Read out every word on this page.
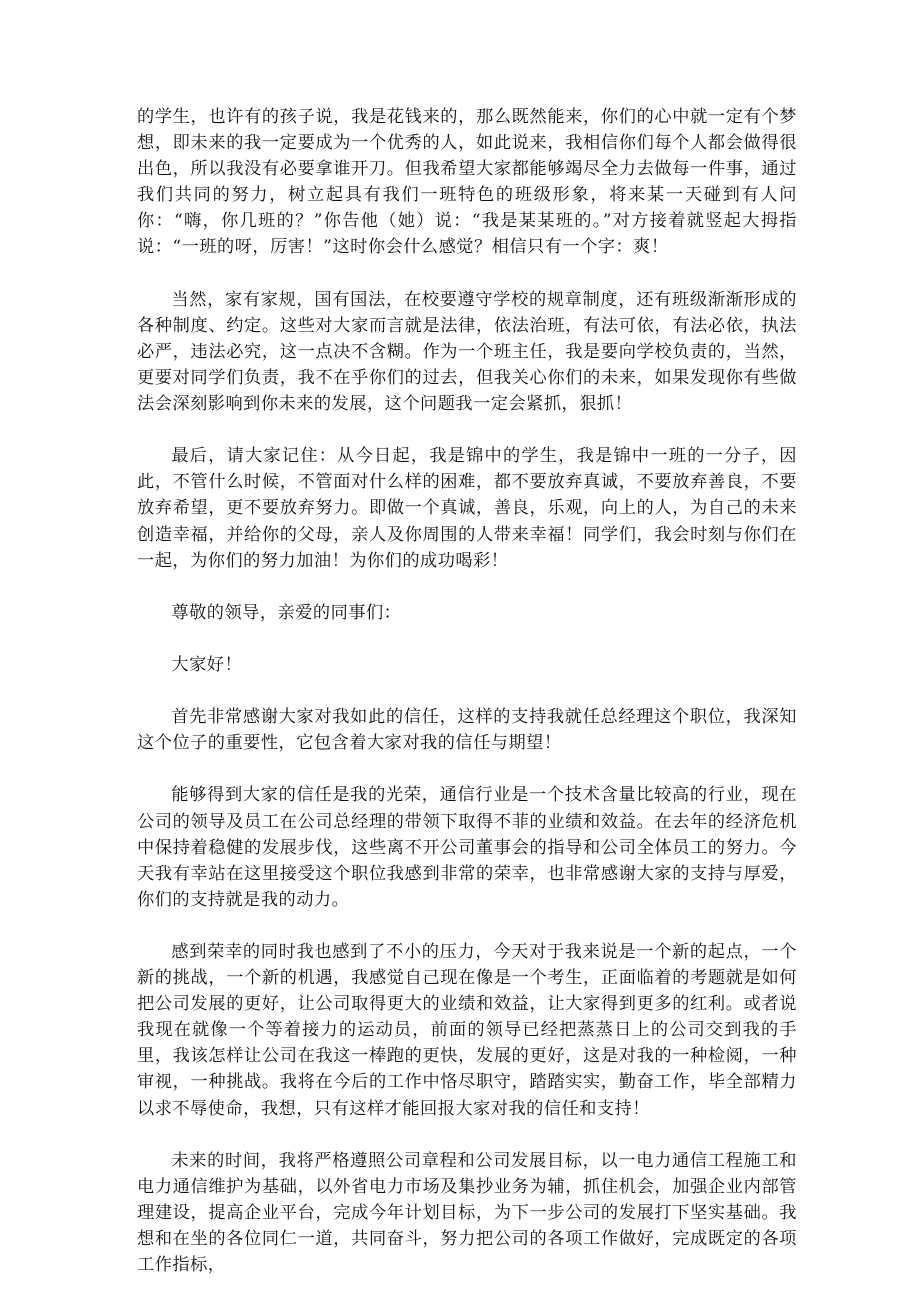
的学生，也许有的孩子说，我是花钱来的，那么既然能来，你们的心中就一定有个梦想，即未来的我一定要成为一个优秀的人，如此说来，我相信你们每个人都会做得很出色，所以我没有必要拿谁开刀。但我希望大家都能够竭尽全力去做每一件事，通过我们共同的努力，树立起具有我们一班特色的班级形象，将来某一天碰到有人问你：“嗨，你几班的？”你告他（她）说：“我是某某班的。”对方接着就竖起大拇指说：“一班的呀，厉害！”这时你会什么感觉？相信只有一个字：爽！

当然，家有家规，国有国法，在校要遵守学校的规章制度，还有班级渐渐形成的各种制度、约定。这些对大家而言就是法律，依法治班，有法可依，有法必依，执法必严，违法必究，这一点决不含糊。作为一个班主任，我是要向学校负责的，当然，更要对同学们负责，我不在乎你们的过去，但我关心你们的未来，如果发现你有些做法会深刻影响到你未来的发展，这个问题我一定会紧抓，狠抓！

最后，请大家记住：从今日起，我是锦中的学生，我是锦中一班的一分子，因此，不管什么时候，不管面对什么样的困难，都不要放弃真诚，不要放弃善良，不要放弃希望，更不要放弃努力。即做一个真诚，善良，乐观，向上的人，为自己的未来创造幸福，并给你的父母，亲人及你周围的人带来幸福！同学们，我会时刻与你们在一起，为你们的努力加油！为你们的成功喝彩！

尊敬的领导，亲爱的同事们：

大家好！

首先非常感谢大家对我如此的信任，这样的支持我就任总经理这个职位，我深知这个位子的重要性，它包含着大家对我的信任与期望！

能够得到大家的信任是我的光荣，通信行业是一个技术含量比较高的行业，现在公司的领导及员工在公司总经理的带领下取得不菲的业绩和效益。在去年的经济危机中保持着稳健的发展步伐，这些离不开公司董事会的指导和公司全体员工的努力。今天我有幸站在这里接受这个职位我感到非常的荣幸，也非常感谢大家的支持与厚爱，你们的支持就是我的动力。

感到荣幸的同时我也感到了不小的压力，今天对于我来说是一个新的起点，一个新的挑战，一个新的机遇，我感觉自己现在像是一个考生，正面临着的考题就是如何把公司发展的更好，让公司取得更大的业绩和效益，让大家得到更多的红利。或者说我现在就像一个等着接力的运动员，前面的领导已经把蒸蒸日上的公司交到我的手里，我该怎样让公司在我这一棒跑的更快，发展的更好，这是对我的一种检阅，一种审视，一种挑战。我将在今后的工作中恪尽职守，踏踏实实，勤奋工作，毕全部精力以求不辱使命，我想，只有这样才能回报大家对我的信任和支持！

未来的时间，我将严格遵照公司章程和公司发展目标，以一电力通信工程施工和电力通信维护为基础，以外省电力市场及集抄业务为辅，抓住机会，加强企业内部管理建设，提高企业平台，完成今年计划目标，为下一步公司的发展打下坚实基础。我想和在坐的各位同仁一道，共同奋斗，努力把公司的各项工作做好，完成既定的各项工作指标，
